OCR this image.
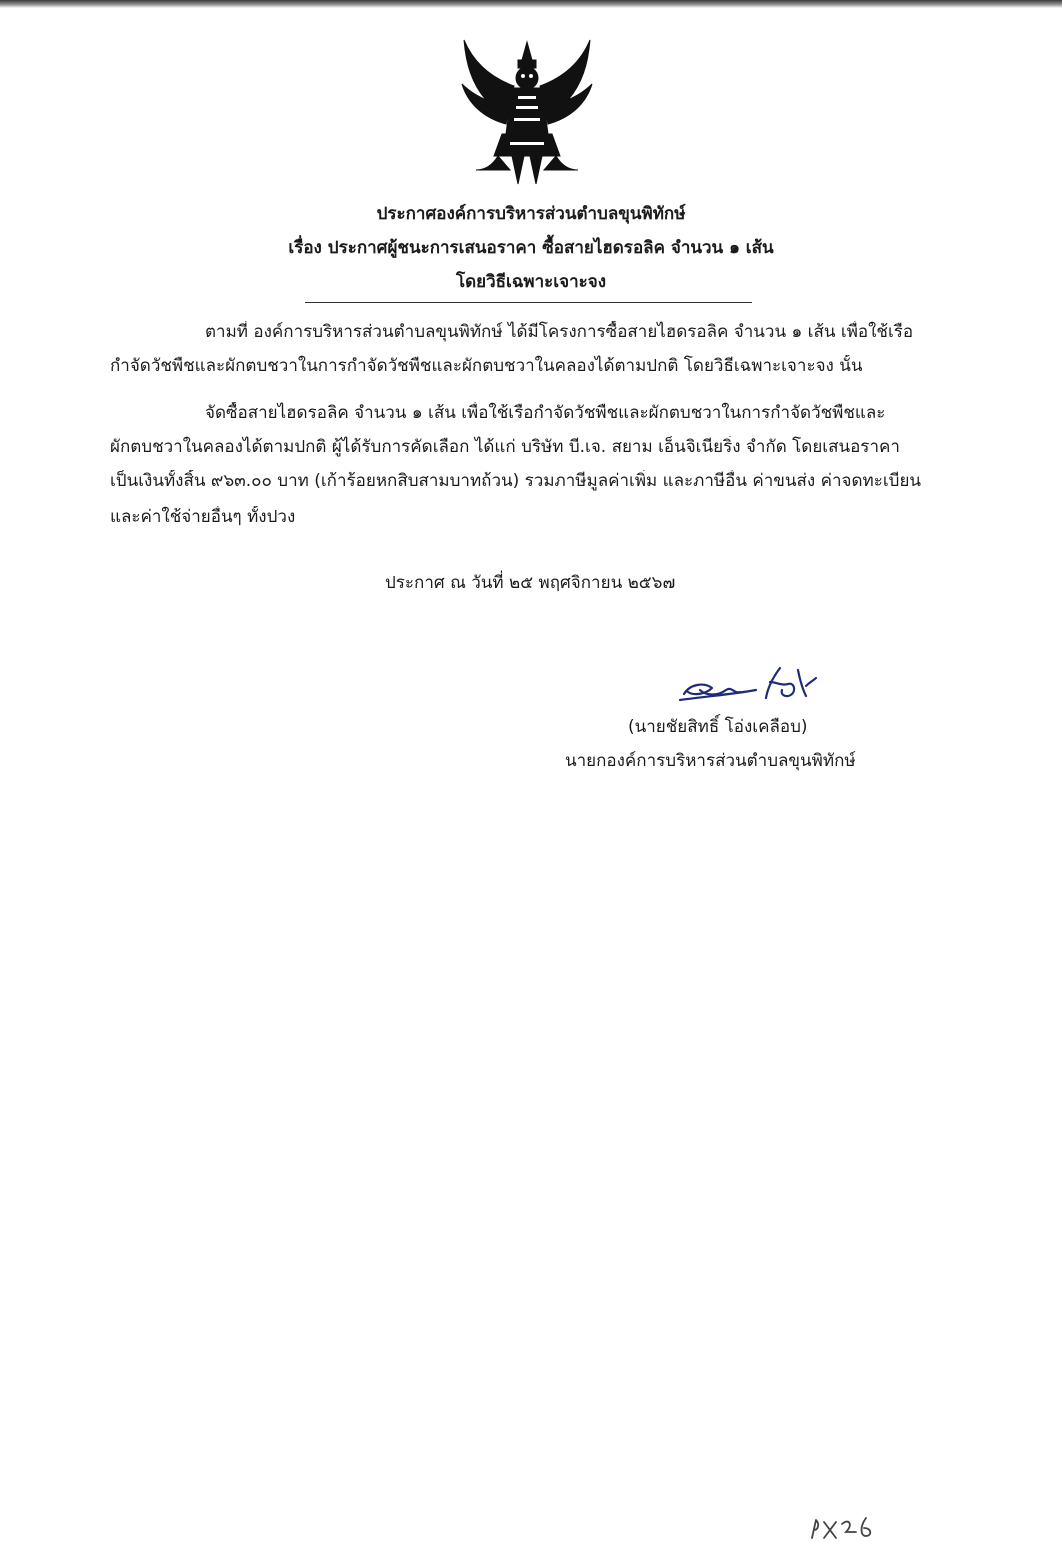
ประกาศองค์การบริหารส่วนตำบลขุนพิทักษ์
เรื่อง ประกาศผู้ชนะการเสนอราคา ซื้อสายไฮดรอลิค จำนวน ๑ เส้น
โดยวิธีเฉพาะเจาะจง
ตามที่ องค์การบริหารส่วนตำบลขุนพิทักษ์ ได้มีโครงการซื้อสายไฮดรอลิค จำนวน ๑ เส้น เพื่อใช้เรือ
กำจัดวัชพืชและผักตบชวาในการกำจัดวัชพืชและผักตบชวาในคลองได้ตามปกติ โดยวิธีเฉพาะเจาะจง นั้น
จัดซื้อสายไฮดรอลิค จำนวน ๑ เส้น เพื่อใช้เรือกำจัดวัชพืชและผักตบชวาในการกำจัดวัชพืชและ
ผักตบชวาในคลองได้ตามปกติ ผู้ได้รับการคัดเลือก ได้แก่ บริษัท บี.เจ. สยาม เอ็นจิเนียริ่ง จำกัด โดยเสนอราคา
เป็นเงินทั้งสิ้น ๙๖๓.๐๐ บาท (เก้าร้อยหกสิบสามบาทถ้วน) รวมภาษีมูลค่าเพิ่ม และภาษีอื่น ค่าขนส่ง ค่าจดทะเบียน
และค่าใช้จ่ายอื่นๆ ทั้งปวง
ประกาศ ณ วันที่ ๒๕ พฤศจิกายน ๒๕๖๗
(นายชัยสิทธิ์ โอ่งเคลือบ)
นายกองค์การบริหารส่วนตำบลขุนพิทักษ์
